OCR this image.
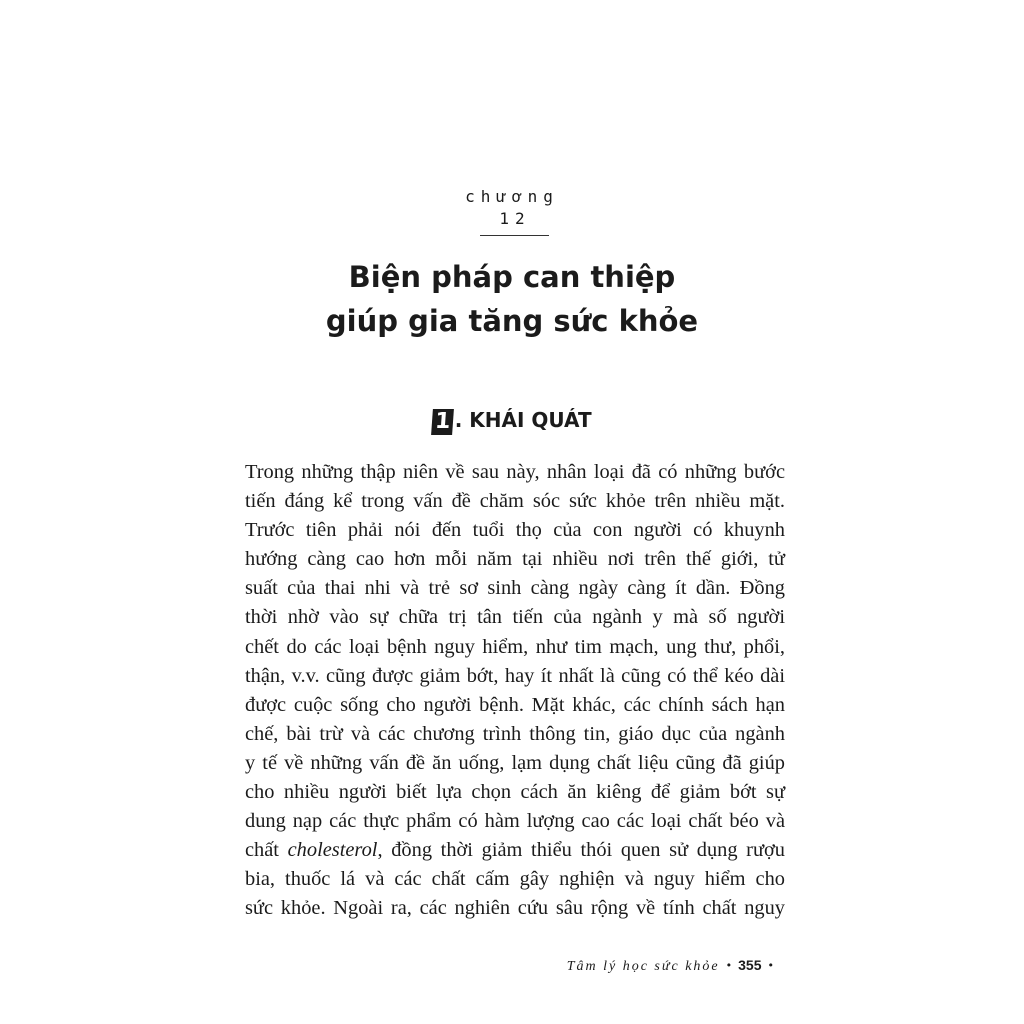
chương
12
Biện pháp can thiệp
giúp gia tăng sức khỏe
1 . KHÁI QUÁT
Trong những thập niên về sau này, nhân loại đã có những bước
tiến đáng kể trong vấn đề chăm sóc sức khỏe trên nhiều mặt.
Trước tiên phải nói đến tuổi thọ của con người có khuynh
hướng càng cao hơn mỗi năm tại nhiều nơi trên thế giới, tử
suất của thai nhi và trẻ sơ sinh càng ngày càng ít dần. Đồng
thời nhờ vào sự chữa trị tân tiến của ngành y mà số người
chết do các loại bệnh nguy hiểm, như tim mạch, ung thư, phổi,
thận, v.v. cũng được giảm bớt, hay ít nhất là cũng có thể kéo dài
được cuộc sống cho người bệnh. Mặt khác, các chính sách hạn
chế, bài trừ và các chương trình thông tin, giáo dục của ngành
y tế về những vấn đề ăn uống, lạm dụng chất liệu cũng đã giúp
cho nhiều người biết lựa chọn cách ăn kiêng để giảm bớt sự
dung nạp các thực phẩm có hàm lượng cao các loại chất béo và
chất cholesterol, đồng thời giảm thiểu thói quen sử dụng rượu
bia, thuốc lá và các chất cấm gây nghiện và nguy hiểm cho
sức khỏe. Ngoài ra, các nghiên cứu sâu rộng về tính chất nguy
Tâm lý học sức khỏe • 355 •
